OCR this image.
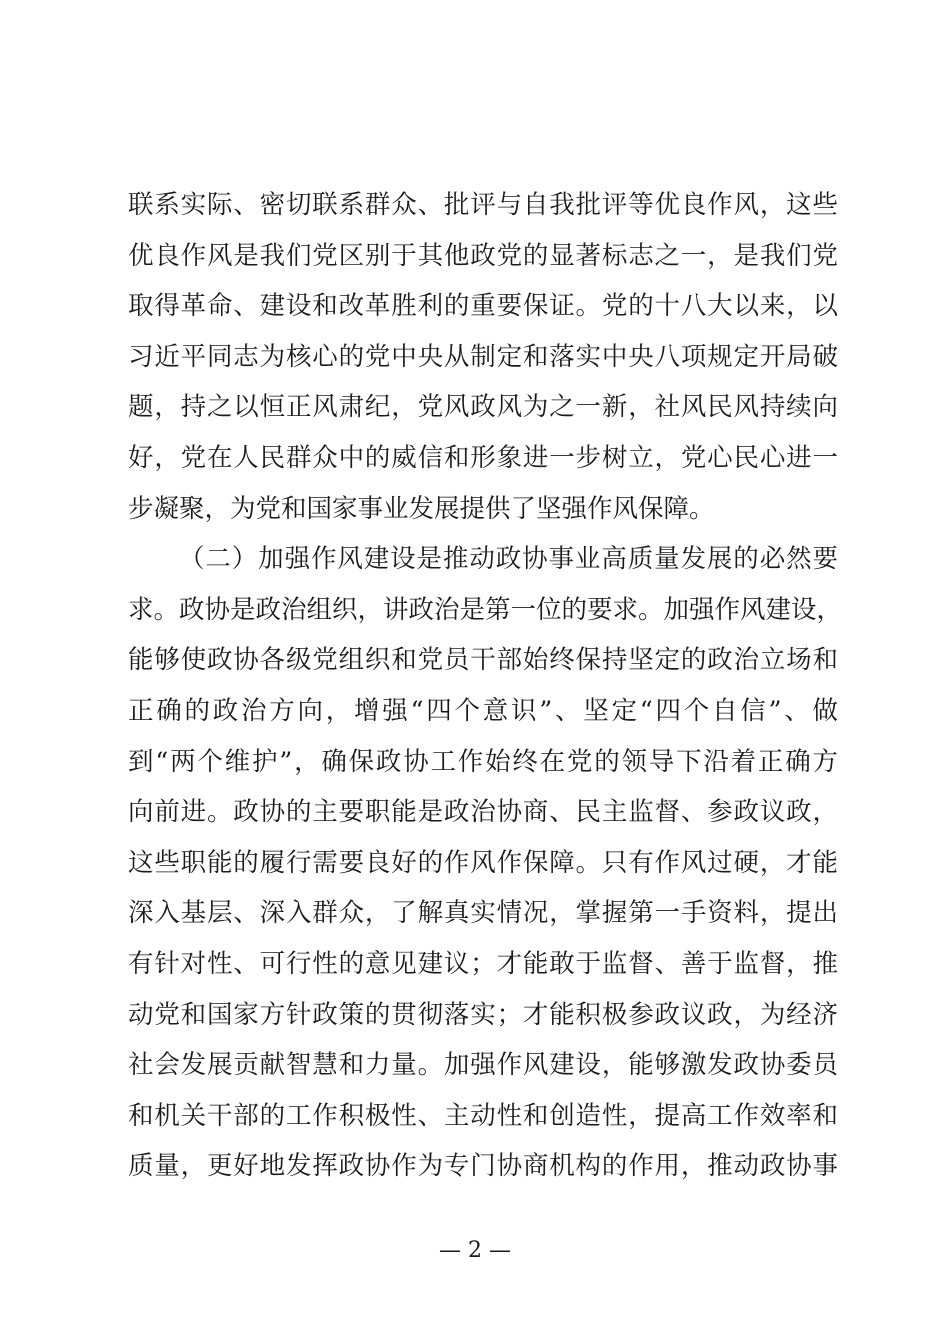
联系实际、密切联系群众、批评与自我批评等优良作风，这些
优良作风是我们党区别于其他政党的显著标志之一，是我们党
取得革命、建设和改革胜利的重要保证。党的十八大以来，以
习近平同志为核心的党中央从制定和落实中央八项规定开局破
题，持之以恒正风肃纪，党风政风为之一新，社风民风持续向
好，党在人民群众中的威信和形象进一步树立，党心民心进一
步凝聚，为党和国家事业发展提供了坚强作风保障。
（二）加强作风建设是推动政协事业高质量发展的必然要
求。政协是政治组织，讲政治是第一位的要求。加强作风建设，
能够使政协各级党组织和党员干部始终保持坚定的政治立场和
正确的政治方向，增强“四个意识”、坚定“四个自信”、做
到“两个维护”，确保政协工作始终在党的领导下沿着正确方
向前进。政协的主要职能是政治协商、民主监督、参政议政，
这些职能的履行需要良好的作风作保障。只有作风过硬，才能
深入基层、深入群众，了解真实情况，掌握第一手资料，提出
有针对性、可行性的意见建议；才能敢于监督、善于监督，推
动党和国家方针政策的贯彻落实；才能积极参政议政，为经济
社会发展贡献智慧和力量。加强作风建设，能够激发政协委员
和机关干部的工作积极性、主动性和创造性，提高工作效率和
质量，更好地发挥政协作为专门协商机构的作用，推动政协事
— 2 —
